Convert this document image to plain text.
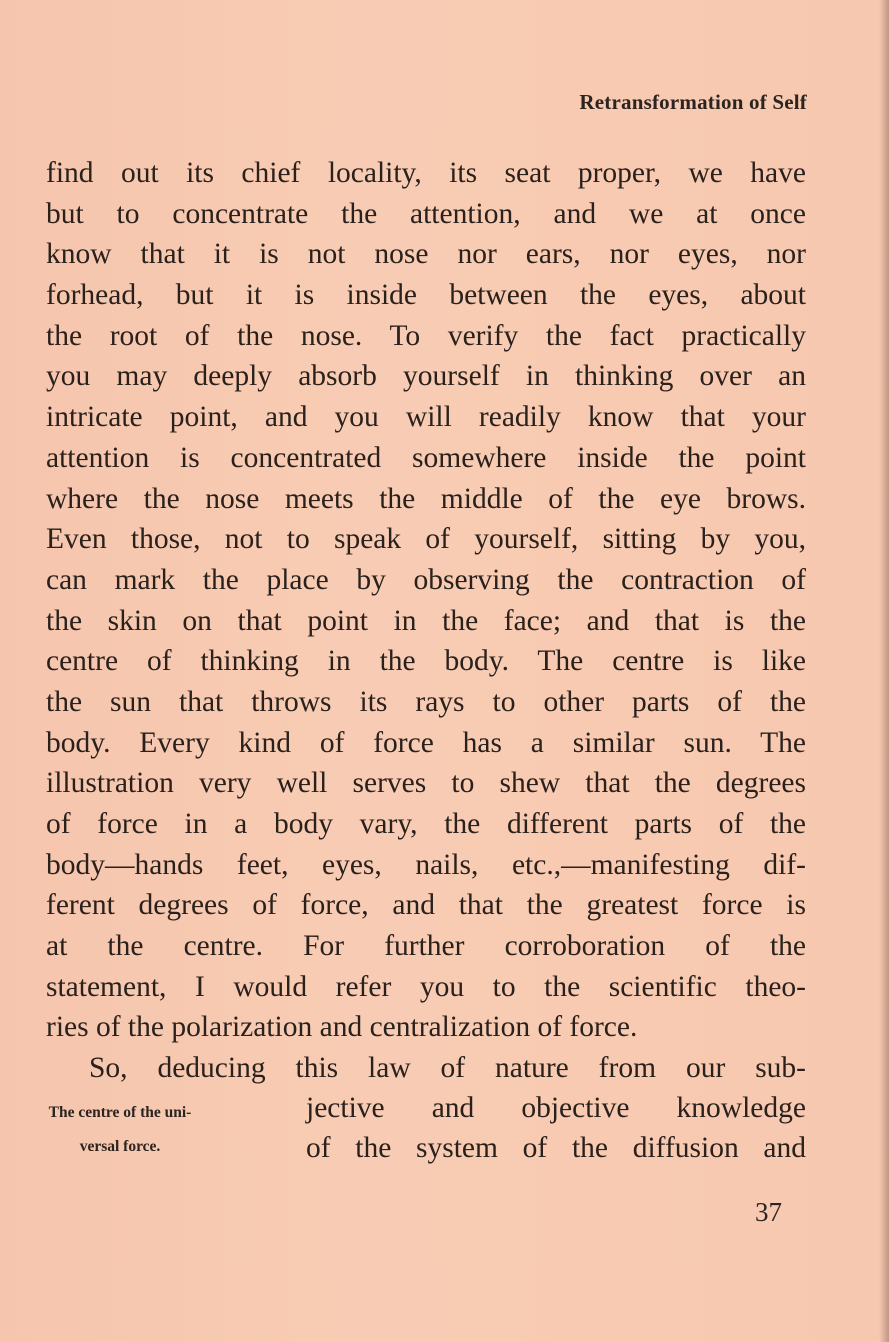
Retransformation of Self
find out its chief locality, its seat proper, we have
but to concentrate the attention, and we at once
know that it is not nose nor ears, nor eyes, nor
forhead, but it is inside between the eyes, about
the root of the nose. To verify the fact practically
you may deeply absorb yourself in thinking over an
intricate point, and you will readily know that your
attention is concentrated somewhere inside the point
where the nose meets the middle of the eye brows.
Even those, not to speak of yourself, sitting by you,
can mark the place by observing the contraction of
the skin on that point in the face; and that is the
centre of thinking in the body. The centre is like
the sun that throws its rays to other parts of the
body. Every kind of force has a similar sun. The
illustration very well serves to shew that the degrees
of force in a body vary, the different parts of the
body—hands feet, eyes, nails, etc.,—manifesting dif-
ferent degrees of force, and that the greatest force is
at the centre. For further corroboration of the
statement, I would refer you to the scientific theo-
ries of the polarization and centralization of force.
So, deducing this law of nature from our sub-
The centre of the uni-
versal force.
jective and objective knowledge
of the system of the diffusion and
37
